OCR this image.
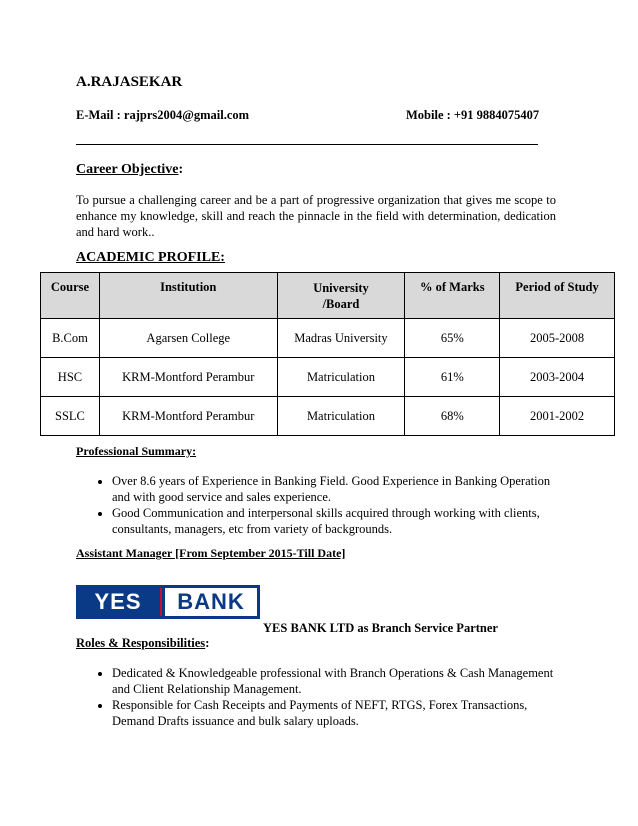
A.RAJASEKAR
E-Mail : rajprs2004@gmail.com	Mobile : +91 9884075407
Career Objective:
To pursue a challenging career and be a part of progressive organization that gives me scope to enhance my knowledge, skill and reach the pinnacle in the field with determination, dedication and hard work..
ACADEMIC PROFILE:
Course	Institution	University /Board	% of Marks	Period of Study
B.Com	Agarsen College	Madras University	65%	2005-2008
HSC	KRM-Montford Perambur	Matriculation	61%	2003-2004
SSLC	KRM-Montford Perambur	Matriculation	68%	2001-2002
Professional Summary:
• Over 8.6 years of Experience in Banking Field. Good Experience in Banking Operation and with good service and sales experience.
• Good Communication and interpersonal skills acquired through working with clients, consultants, managers, etc from variety of backgrounds.
Assistant Manager [From September 2015-Till Date]
YES	BANK
YES BANK LTD as Branch Service Partner
Roles & Responsibilities:
• Dedicated & Knowledgeable professional with Branch Operations & Cash Management and Client Relationship Management.
• Responsible for Cash Receipts and Payments of NEFT, RTGS, Forex Transactions, Demand Drafts issuance and bulk salary uploads.
